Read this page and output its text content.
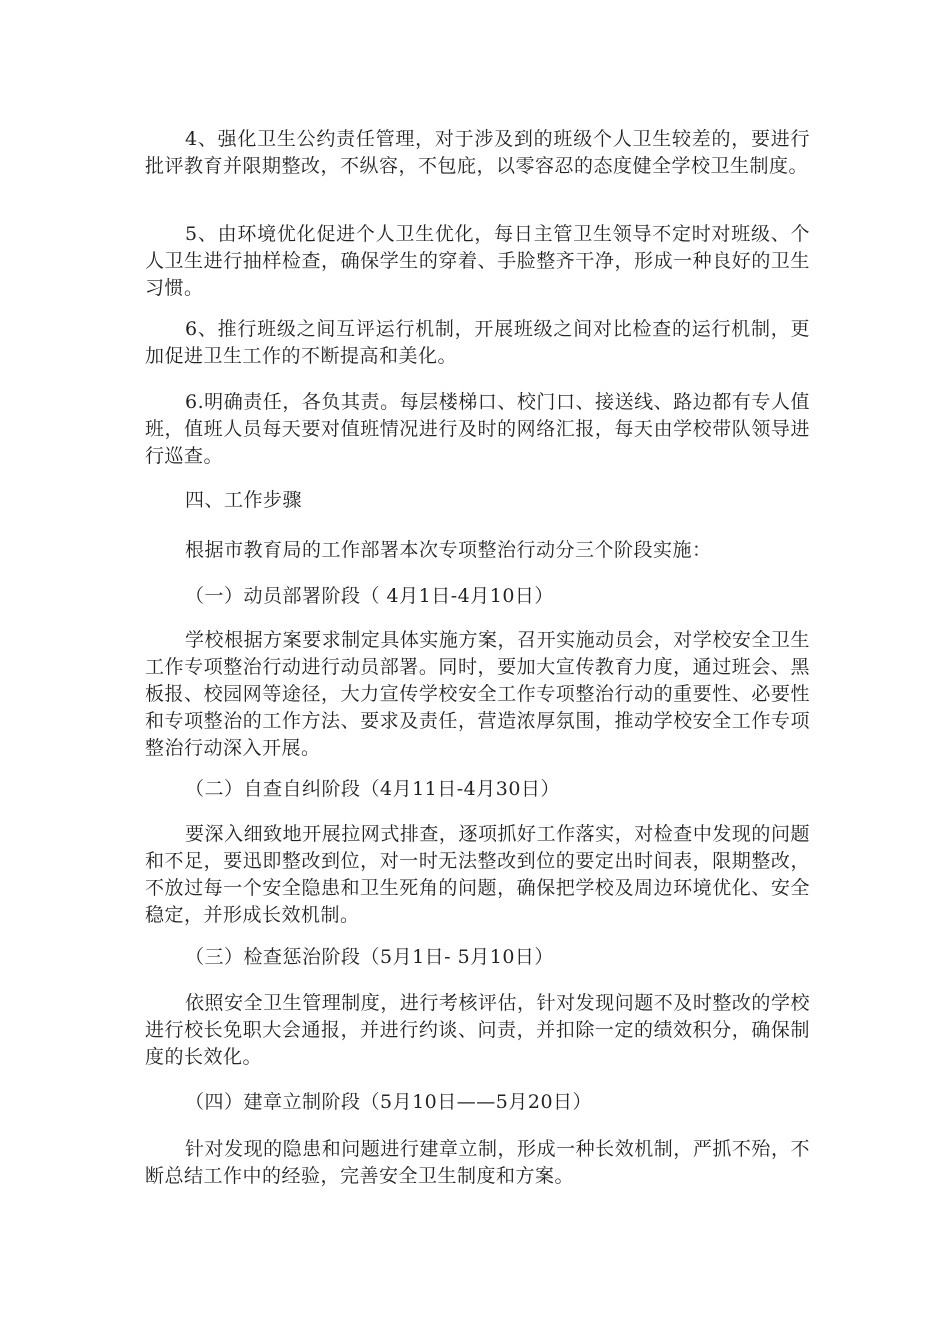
4、强化卫生公约责任管理，对于涉及到的班级个人卫生较差的，要进行批评教育并限期整改，不纵容，不包庇，以零容忍的态度健全学校卫生制度。

5、由环境优化促进个人卫生优化，每日主管卫生领导不定时对班级、个人卫生进行抽样检查，确保学生的穿着、手脸整齐干净，形成一种良好的卫生习惯。

6、推行班级之间互评运行机制，开展班级之间对比检查的运行机制，更加促进卫生工作的不断提高和美化。

6.明确责任，各负其责。每层楼梯口、校门口、接送线、路边都有专人值班，值班人员每天要对值班情况进行及时的网络汇报，每天由学校带队领导进行巡查。

四、工作步骤

根据市教育局的工作部署本次专项整治行动分三个阶段实施：

（一）动员部署阶段（ 4月1日-4月10日）

学校根据方案要求制定具体实施方案，召开实施动员会，对学校安全卫生工作专项整治行动进行动员部署。同时，要加大宣传教育力度，通过班会、黑板报、校园网等途径，大力宣传学校安全工作专项整治行动的重要性、必要性和专项整治的工作方法、要求及责任，营造浓厚氛围，推动学校安全工作专项整治行动深入开展。

（二）自查自纠阶段（4月11日-4月30日）

要深入细致地开展拉网式排查，逐项抓好工作落实，对检查中发现的问题和不足，要迅即整改到位，对一时无法整改到位的要定出时间表，限期整改，不放过每一个安全隐患和卫生死角的问题，确保把学校及周边环境优化、安全稳定，并形成长效机制。

（三）检查惩治阶段（5月1日- 5月10日）

依照安全卫生管理制度，进行考核评估，针对发现问题不及时整改的学校进行校长免职大会通报，并进行约谈、问责，并扣除一定的绩效积分，确保制度的长效化。

（四）建章立制阶段（5月10日——5月20日）

针对发现的隐患和问题进行建章立制，形成一种长效机制，严抓不殆，不断总结工作中的经验，完善安全卫生制度和方案。
